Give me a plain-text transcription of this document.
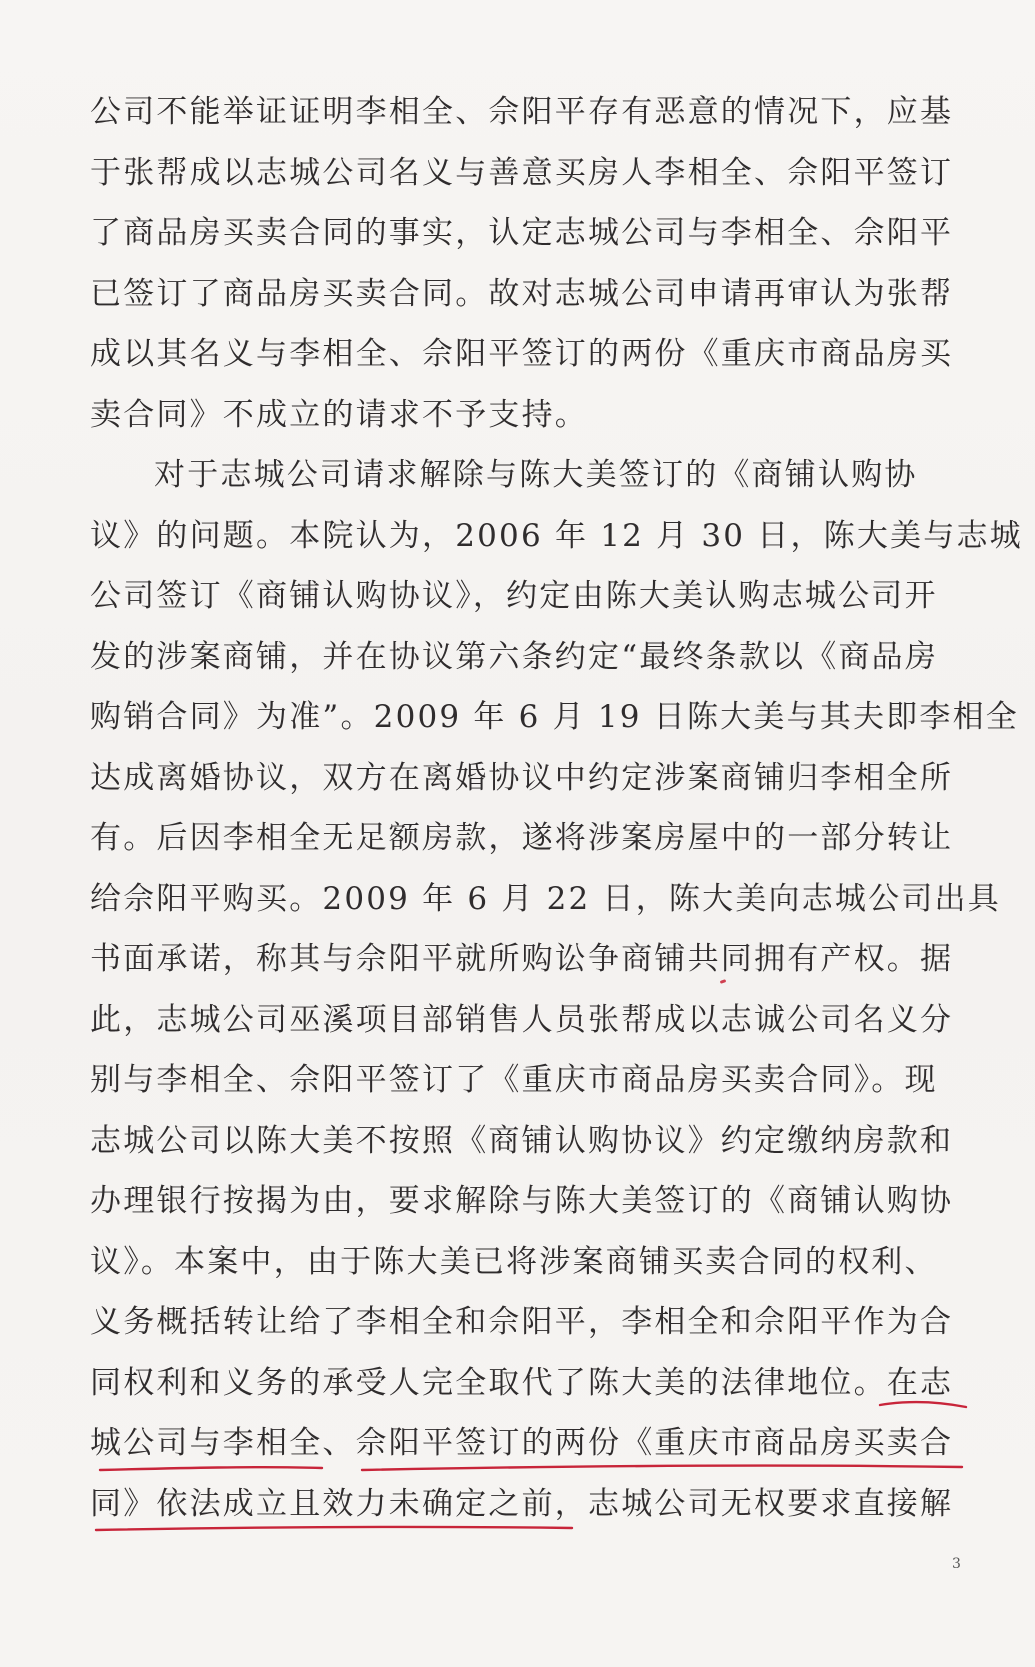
公司不能举证证明李相全、佘阳平存有恶意的情况下，应基
于张帮成以志城公司名义与善意买房人李相全、佘阳平签订
了商品房买卖合同的事实，认定志城公司与李相全、佘阳平
已签订了商品房买卖合同。故对志城公司申请再审认为张帮
成以其名义与李相全、佘阳平签订的两份《重庆市商品房买
卖合同》不成立的请求不予支持。
对于志城公司请求解除与陈大美签订的《商铺认购协
议》的问题。本院认为，2006 年 12 月 30 日，陈大美与志城
公司签订《商铺认购协议》，约定由陈大美认购志城公司开
发的涉案商铺，并在协议第六条约定“最终条款以《商品房
购销合同》为准”。2009 年 6 月 19 日陈大美与其夫即李相全
达成离婚协议，双方在离婚协议中约定涉案商铺归李相全所
有。后因李相全无足额房款，遂将涉案房屋中的一部分转让
给佘阳平购买。2009 年 6 月 22 日，陈大美向志城公司出具
书面承诺，称其与佘阳平就所购讼争商铺共同拥有产权。据
此，志城公司巫溪项目部销售人员张帮成以志诚公司名义分
别与李相全、佘阳平签订了《重庆市商品房买卖合同》。现
志城公司以陈大美不按照《商铺认购协议》约定缴纳房款和
办理银行按揭为由，要求解除与陈大美签订的《商铺认购协
议》。本案中，由于陈大美已将涉案商铺买卖合同的权利、
义务概括转让给了李相全和佘阳平，李相全和佘阳平作为合
同权利和义务的承受人完全取代了陈大美的法律地位。在志
城公司与李相全、佘阳平签订的两份《重庆市商品房买卖合
同》依法成立且效力未确定之前，志城公司无权要求直接解
3
